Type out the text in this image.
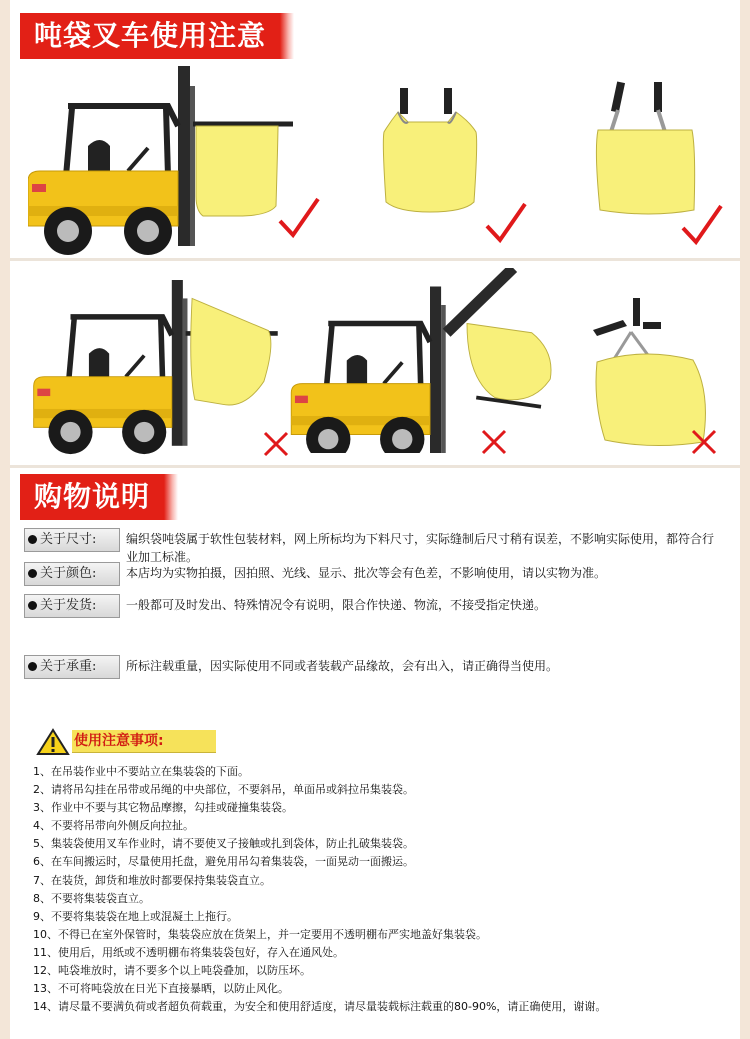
吨袋叉车使用注意
购物说明
关于尺寸:	编织袋吨袋属于软性包装材料，网上所标均为下料尺寸，实际缝制后尺寸稍有误差，不影响实际使用，都符合行业加工标准。
关于颜色:	本店均为实物拍摄，因拍照、光线、显示、批次等会有色差，不影响使用，请以实物为准。
关于发货:	一般都可及时发出、特殊情况令有说明，限合作快递、物流，不接受指定快递。
关于承重:	所标注载重量，因实际使用不同或者装载产品缘故，会有出入，请正确得当使用。
使用注意事项:
1、在吊装作业中不要站立在集装袋的下面。
2、请将吊勾挂在吊带或吊绳的中央部位，不要斜吊，单面吊或斜拉吊集装袋。
3、作业中不要与其它物品摩擦，勾挂或碰撞集装袋。
4、不要将吊带向外侧反向拉扯。
5、集装袋使用叉车作业时，请不要使叉子接触或扎到袋体，防止扎破集装袋。
6、在车间搬运时，尽量使用托盘，避免用吊勾着集装袋，一面晃动一面搬运。
7、在装货，卸货和堆放时都要保持集装袋直立。
8、不要将集装袋直立。
9、不要将集装袋在地上或混凝土上拖行。
10、不得已在室外保管时，集装袋应放在货架上，并一定要用不透明棚布严实地盖好集装袋。
11、使用后，用纸或不透明棚布将集装袋包好，存入在通风处。
12、吨袋堆放时，请不要多个以上吨袋叠加，以防压坏。
13、不可将吨袋放在日光下直接暴晒，以防止风化。
14、请尽量不要满负荷或者超负荷载重，为安全和使用舒适度，请尽量装载标注载重的80-90%，请正确使用，谢谢。
